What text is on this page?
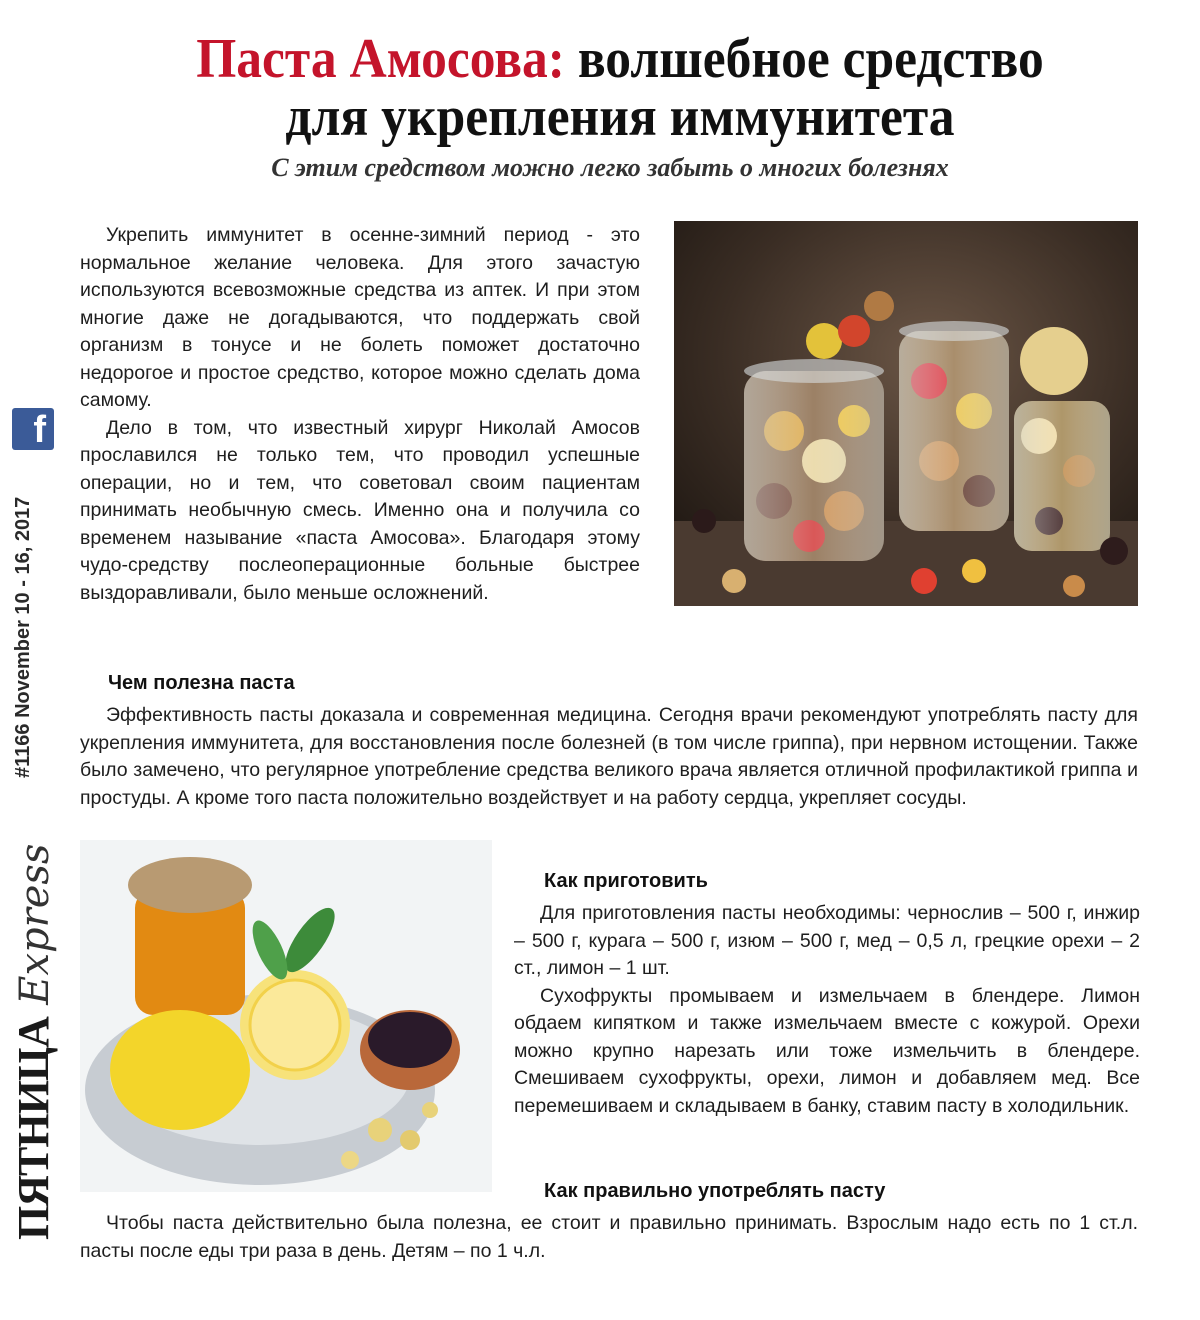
Паста Амосова: волшебное средство
для укрепления иммунитета

С этим средством можно легко забыть о многих болезнях

Укрепить иммунитет в осенне-зимний период - это нормальное желание человека. Для этого зачастую используются всевозможные средства из аптек. И при этом многие даже не догадываются, что поддержать свой организм в тонусе и не болеть поможет достаточно недорогое и простое средство, которое можно сделать дома самому.

Дело в том, что известный хирург Николай Амосов прославился не только тем, что проводил успешные операции, но и тем, что советовал своим пациентам принимать необычную смесь. Именно она и получила со временем называние «паста Амосова». Благодаря этому чудо-средству послеоперационные больные быстрее выздоравливали, было меньше осложнений.

Чем полезна паста

Эффективность пасты доказала и современная медицина. Сегодня врачи рекомендуют употреблять пасту для укрепления иммунитета, для восстановления после болезней (в том числе гриппа), при нервном истощении. Также было замечено, что регулярное употребление средства великого врача является отличной профилактикой гриппа и простуды. А кроме того паста положительно воздействует и на работу сердца, укрепляет сосуды.

Как приготовить

Для приготовления пасты необходимы: чернослив – 500 г, инжир – 500 г, курага – 500 г, изюм – 500 г, мед – 0,5 л, грецкие орехи – 2 ст., лимон – 1 шт.

Сухофрукты промываем и измельчаем в блендере. Лимон обдаем кипятком и также измельчаем вместе с кожурой. Орехи можно крупно нарезать или тоже измельчить в блендере. Смешиваем сухофрукты, орехи, лимон и добавляем мед. Все перемешиваем и складываем в банку, ставим пасту в холодильник.

Как правильно употреблять пасту

Чтобы паста действительно была полезна, ее стоит и правильно принимать. Взрослым надо есть по 1 ст.л. пасты после еды три раза в день. Детям – по 1 ч.л.

f
#1166 November 10 - 16, 2017
ПЯТНИЦА Express
